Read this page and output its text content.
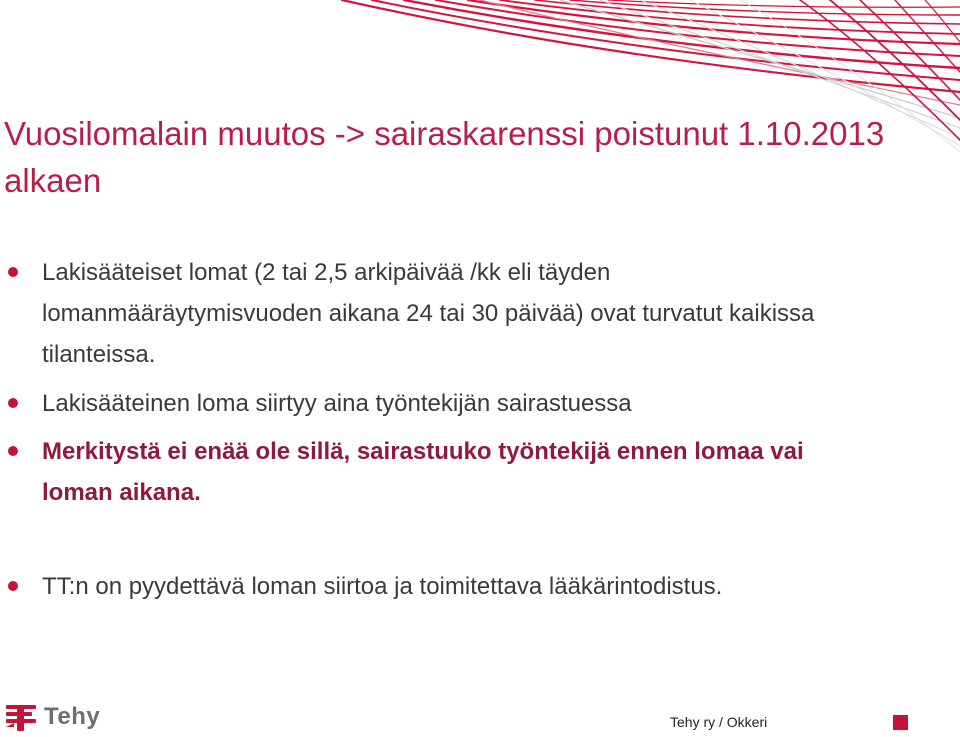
Vuosilomalain muutos -> sairaskarenssi poistunut 1.10.2013 alkaen
Lakisääteiset lomat (2 tai 2,5 arkipäivää /kk eli täyden lomanmääräytymisvuoden aikana 24 tai 30 päivää) ovat turvatut kaikissa tilanteissa.
Lakisääteinen loma siirtyy aina työntekijän sairastuessa
Merkitystä ei enää ole sillä, sairastuuko työntekijä ennen lomaa vai loman aikana.
TT:n on pyydettävä loman siirtoa ja toimitettava lääkärintodistus.
Tehy	Tehy ry / Okkeri
